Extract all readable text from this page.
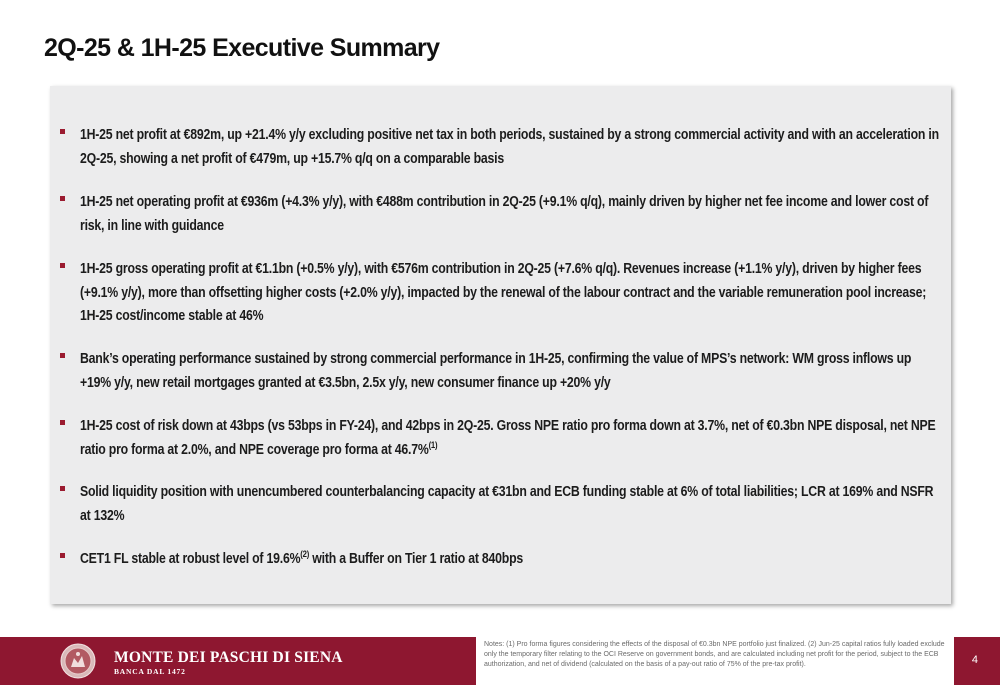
2Q-25 & 1H-25 Executive Summary
1H-25 net profit at €892m, up +21.4% y/y excluding positive net tax in both periods, sustained by a strong commercial activity and with an acceleration in 2Q-25, showing a net profit of €479m, up +15.7% q/q on a comparable basis
1H-25 net operating profit at €936m (+4.3% y/y), with €488m contribution in 2Q-25 (+9.1% q/q), mainly driven by higher net fee income and lower cost of risk, in line with guidance
1H-25 gross operating profit at €1.1bn (+0.5% y/y), with €576m contribution in 2Q-25 (+7.6% q/q). Revenues increase (+1.1% y/y), driven by higher fees (+9.1% y/y), more than offsetting higher costs (+2.0% y/y), impacted by the renewal of the labour contract and the variable remuneration pool increase; 1H-25 cost/income stable at 46%
Bank’s operating performance sustained by strong commercial performance in 1H-25, confirming the value of MPS’s network: WM gross inflows up +19% y/y, new retail mortgages granted at €3.5bn, 2.5x y/y, new consumer finance up +20% y/y
1H-25 cost of risk down at 43bps (vs 53bps in FY-24), and 42bps in 2Q-25. Gross NPE ratio pro forma down at 3.7%, net of €0.3bn NPE disposal, net NPE ratio pro forma at 2.0%, and NPE coverage pro forma at 46.7%$^{(1)}$
Solid liquidity position with unencumbered counterbalancing capacity at €31bn and ECB funding stable at 6% of total liabilities; LCR at 169% and NSFR at 132%
CET1 FL stable at robust level of 19.6%$^{(2)}$ with a Buffer on Tier 1 ratio at 840bps
MONTE DEI PASCHI DI SIENA
BANCA DAL 1472
Notes: (1) Pro forma figures considering the effects of the disposal of €0.3bn NPE portfolio just finalized. (2) Jun-25 capital ratios fully loaded exclude only the temporary filter relating to the OCI Reserve on government bonds, and are calculated including net profit for the period, subject to the ECB authorization, and net of dividend (calculated on the basis of a pay-out ratio of 75% of the pre-tax profit).	4
